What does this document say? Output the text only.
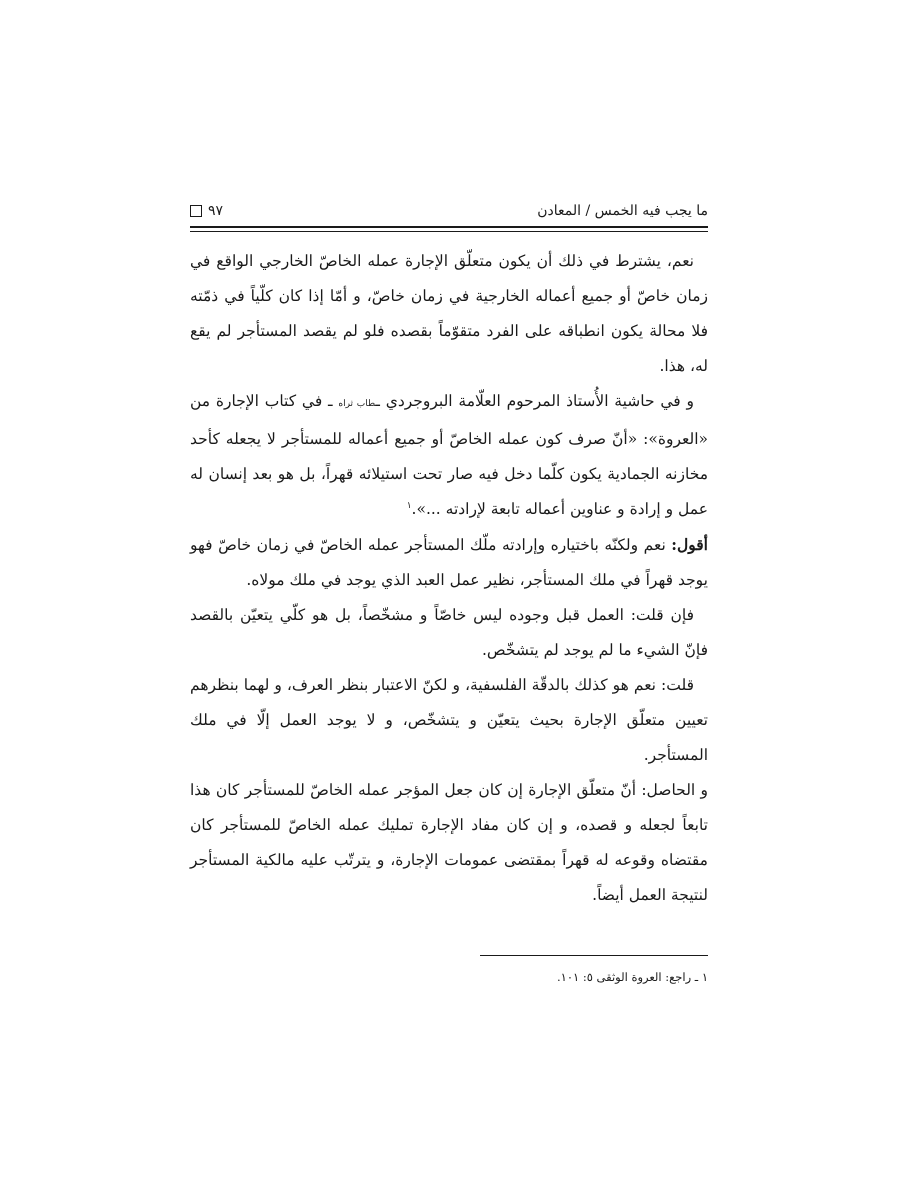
ما يجب فيه الخمس / المعادن
٩٧

نعم، يشترط في ذلك أن يكون متعلّق الإجارة عمله الخاصّ الخارجي الواقع في زمان خاصّ أو جميع أعماله الخارجية في زمان خاصّ، و أمّا إذا كان كلّياً في ذمّته فلا محالة يكون انطباقه على الفرد متقوّماً بقصده فلو لم يقصد المستأجر لم يقع له، هذا.

و في حاشية الأُستاذ المرحوم العلّامة البروجردي ـطاب ثراه ـ في كتاب الإجارة من «العروة»: «أنّ صرف كون عمله الخاصّ أو جميع أعماله للمستأجر لا يجعله كأحد مخازنه الجمادية يكون كلّما دخل فيه صار تحت استيلائه قهراً، بل هو بعد إنسان له عمل و إرادة و عناوين أعماله تابعة لإرادته ...».$^١$

أقول: نعم ولكنّه باختياره وإرادته ملّك المستأجر عمله الخاصّ في زمان خاصّ فهو يوجد قهراً في ملك المستأجر، نظير عمل العبد الذي يوجد في ملك مولاه.

فإن قلت: العمل قبل وجوده ليس خاصّاً و مشخّصاً، بل هو كلّي يتعيّن بالقصد فإنّ الشيء ما لم يوجد لم يتشخّص.

قلت: نعم هو كذلك بالدقّة الفلسفية، و لكنّ الاعتبار بنظر العرف، و لهما بنظرهم تعيين متعلّق الإجارة بحيث يتعيّن و يتشخّص، و لا يوجد العمل إلّا في ملك المستأجر.

و الحاصل: أنّ متعلّق الإجارة إن كان جعل المؤجر عمله الخاصّ للمستأجر كان هذا تابعاً لجعله و قصده، و إن كان مفاد الإجارة تمليك عمله الخاصّ للمستأجر كان مقتضاه وقوعه له قهراً بمقتضى عمومات الإجارة، و يترتّب عليه مالكية المستأجر لنتيجة العمل أيضاً.

١ ـ راجع: العروة الوثقى ٥: ١٠١.
